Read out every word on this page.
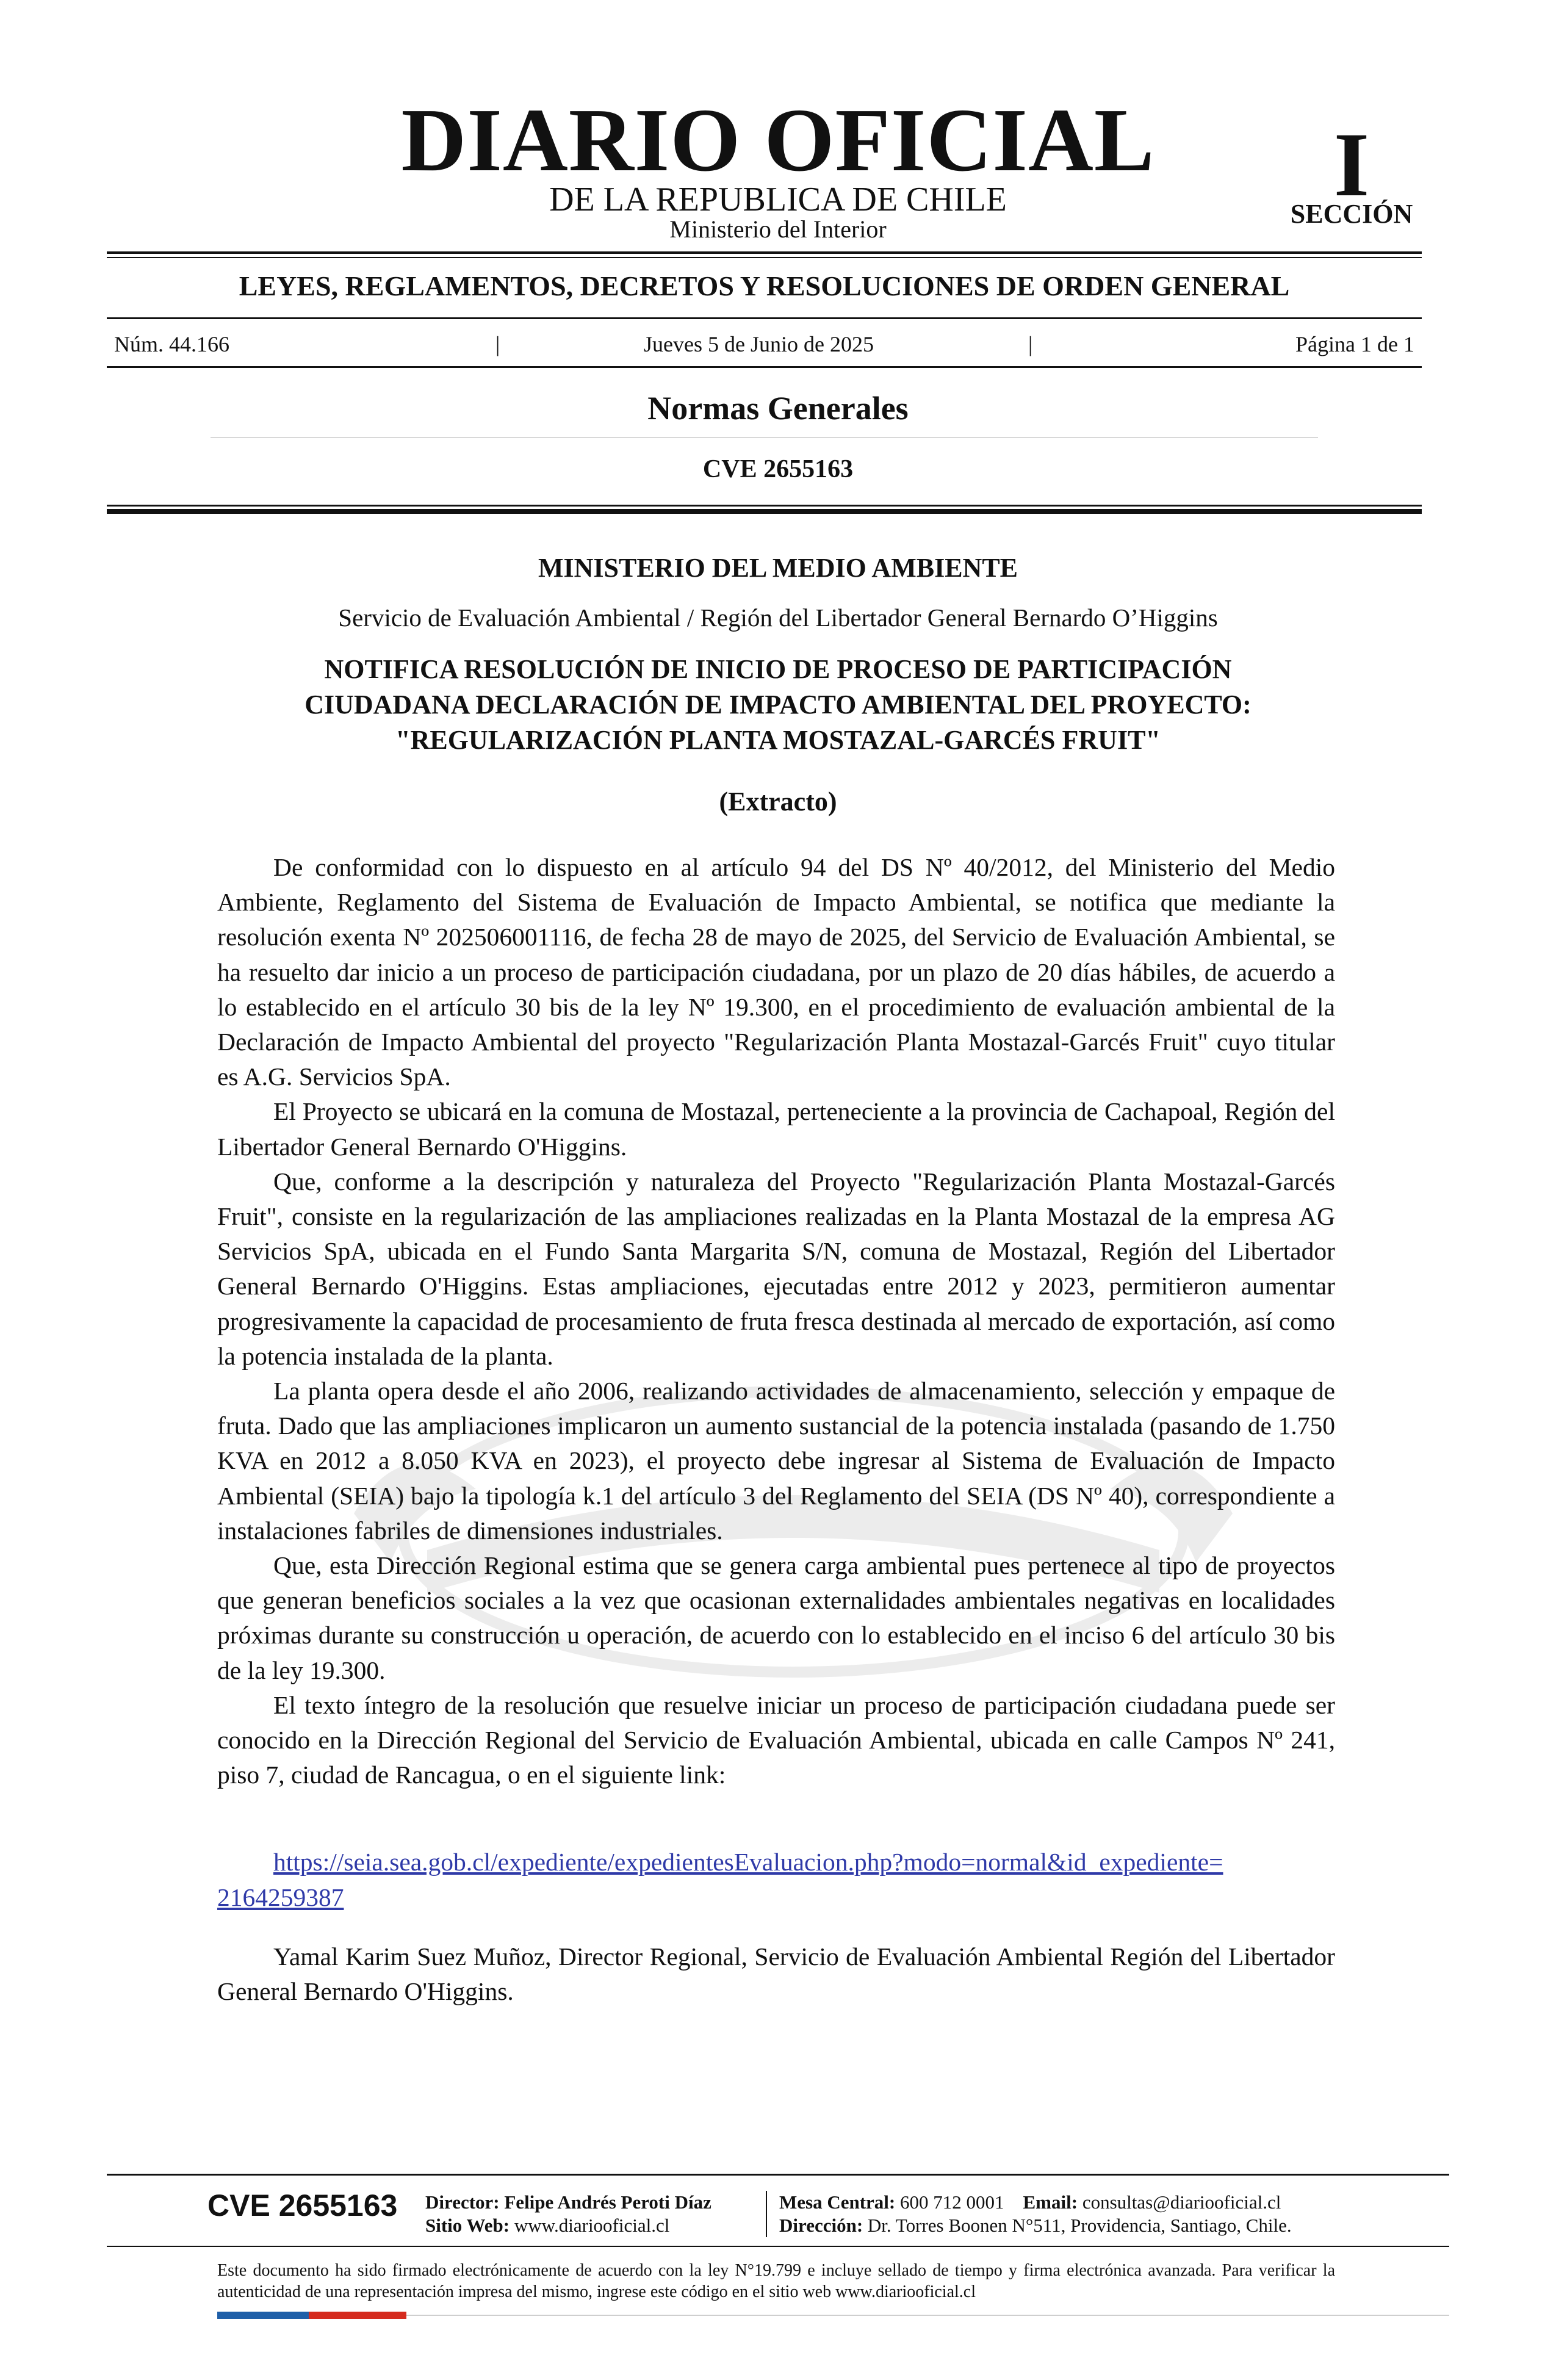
DIARIO OFICIAL
DE LA REPUBLICA DE CHILE
Ministerio del Interior
I
SECCIÓN
LEYES, REGLAMENTOS, DECRETOS Y RESOLUCIONES DE ORDEN GENERAL
Núm. 44.166	|	Jueves 5 de Junio de 2025	|	Página 1 de 1
Normas Generales
CVE 2655163
MINISTERIO DEL MEDIO AMBIENTE
Servicio de Evaluación Ambiental / Región del Libertador General Bernardo O’Higgins
NOTIFICA RESOLUCIÓN DE INICIO DE PROCESO DE PARTICIPACIÓN
CIUDADANA DECLARACIÓN DE IMPACTO AMBIENTAL DEL PROYECTO:
"REGULARIZACIÓN PLANTA MOSTAZAL-GARCÉS FRUIT"
(Extracto)

De conformidad con lo dispuesto en al artículo 94 del DS Nº 40/2012, del Ministerio del Medio Ambiente, Reglamento del Sistema de Evaluación de Impacto Ambiental, se notifica que mediante la resolución exenta Nº 202506001116, de fecha 28 de mayo de 2025, del Servicio de Evaluación Ambiental, se ha resuelto dar inicio a un proceso de participación ciudadana, por un plazo de 20 días hábiles, de acuerdo a lo establecido en el artículo 30 bis de la ley Nº 19.300, en el procedimiento de evaluación ambiental de la Declaración de Impacto Ambiental del proyecto "Regularización Planta Mostazal-Garcés Fruit" cuyo titular es A.G. Servicios SpA.

El Proyecto se ubicará en la comuna de Mostazal, perteneciente a la provincia de Cachapoal, Región del Libertador General Bernardo O'Higgins.

Que, conforme a la descripción y naturaleza del Proyecto "Regularización Planta Mostazal-Garcés Fruit", consiste en la regularización de las ampliaciones realizadas en la Planta Mostazal de la empresa AG Servicios SpA, ubicada en el Fundo Santa Margarita S/N, comuna de Mostazal, Región del Libertador General Bernardo O'Higgins. Estas ampliaciones, ejecutadas entre 2012 y 2023, permitieron aumentar progresivamente la capacidad de procesamiento de fruta fresca destinada al mercado de exportación, así como la potencia instalada de la planta.

La planta opera desde el año 2006, realizando actividades de almacenamiento, selección y empaque de fruta. Dado que las ampliaciones implicaron un aumento sustancial de la potencia instalada (pasando de 1.750 KVA en 2012 a 8.050 KVA en 2023), el proyecto debe ingresar al Sistema de Evaluación de Impacto Ambiental (SEIA) bajo la tipología k.1 del artículo 3 del Reglamento del SEIA (DS Nº 40), correspondiente a instalaciones fabriles de dimensiones industriales.

Que, esta Dirección Regional estima que se genera carga ambiental pues pertenece al tipo de proyectos que generan beneficios sociales a la vez que ocasionan externalidades ambientales negativas en localidades próximas durante su construcción u operación, de acuerdo con lo establecido en el inciso 6 del artículo 30 bis de la ley 19.300.

El texto íntegro de la resolución que resuelve iniciar un proceso de participación ciudadana puede ser conocido en la Dirección Regional del Servicio de Evaluación Ambiental, ubicada en calle Campos Nº 241, piso 7, ciudad de Rancagua, o en el siguiente link:

https://seia.sea.gob.cl/expediente/expedientesEvaluacion.php?modo=normal&id_expediente=
2164259387
Yamal Karim Suez Muñoz, Director Regional, Servicio de Evaluación Ambiental Región del Libertador General Bernardo O'Higgins.
CVE 2655163 Director: Felipe Andrés Peroti Díaz
Sitio Web: www.diariooficial.cl
Mesa Central: 600 712 0001 Email: consultas@diariooficial.cl
Dirección: Dr. Torres Boonen N°511, Providencia, Santiago, Chile.
Este documento ha sido firmado electrónicamente de acuerdo con la ley N°19.799 e incluye sellado de tiempo y firma electrónica avanzada. Para verificar la autenticidad de una representación impresa del mismo, ingrese este código en el sitio web www.diariooficial.cl
